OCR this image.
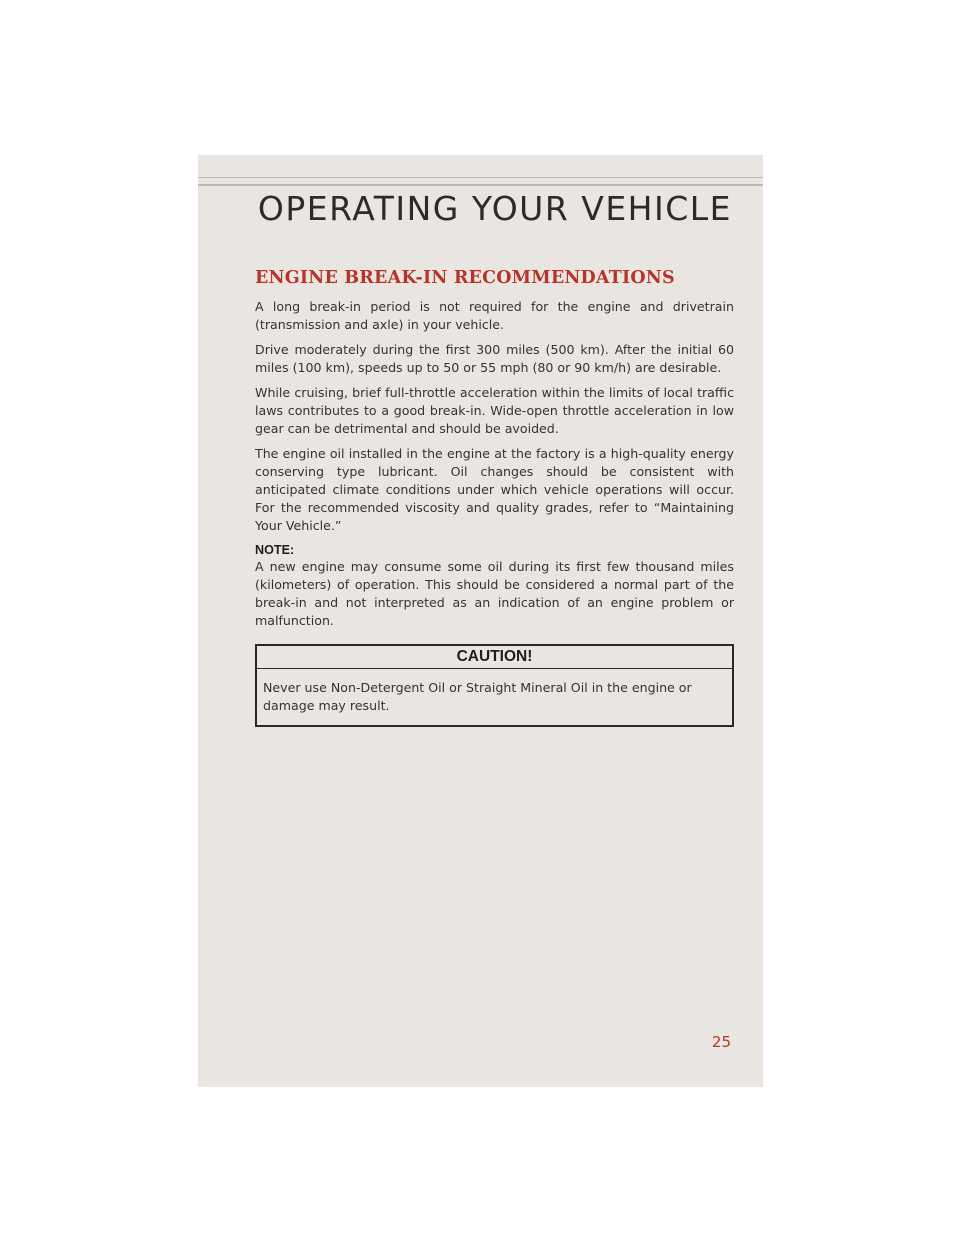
OPERATING YOUR VEHICLE
ENGINE BREAK-IN RECOMMENDATIONS

A long break-in period is not required for the engine and drivetrain (transmission and axle) in your vehicle.

Drive moderately during the first 300 miles (500 km). After the initial 60 miles (100 km), speeds up to 50 or 55 mph (80 or 90 km/h) are desirable.

While cruising, brief full-throttle acceleration within the limits of local traffic laws contributes to a good break-in. Wide-open throttle acceleration in low gear can be detrimental and should be avoided.

The engine oil installed in the engine at the factory is a high-quality energy conserving type lubricant. Oil changes should be consistent with anticipated climate conditions under which vehicle operations will occur. For the recommended viscosity and quality grades, refer to “Maintaining Your Vehicle.”

NOTE:

A new engine may consume some oil during its first few thousand miles (kilometers) of operation. This should be considered a normal part of the break-in and not interpreted as an indication of an engine problem or malfunction.

CAUTION!

Never use Non-Detergent Oil or Straight Mineral Oil in the engine or damage may result.

25
